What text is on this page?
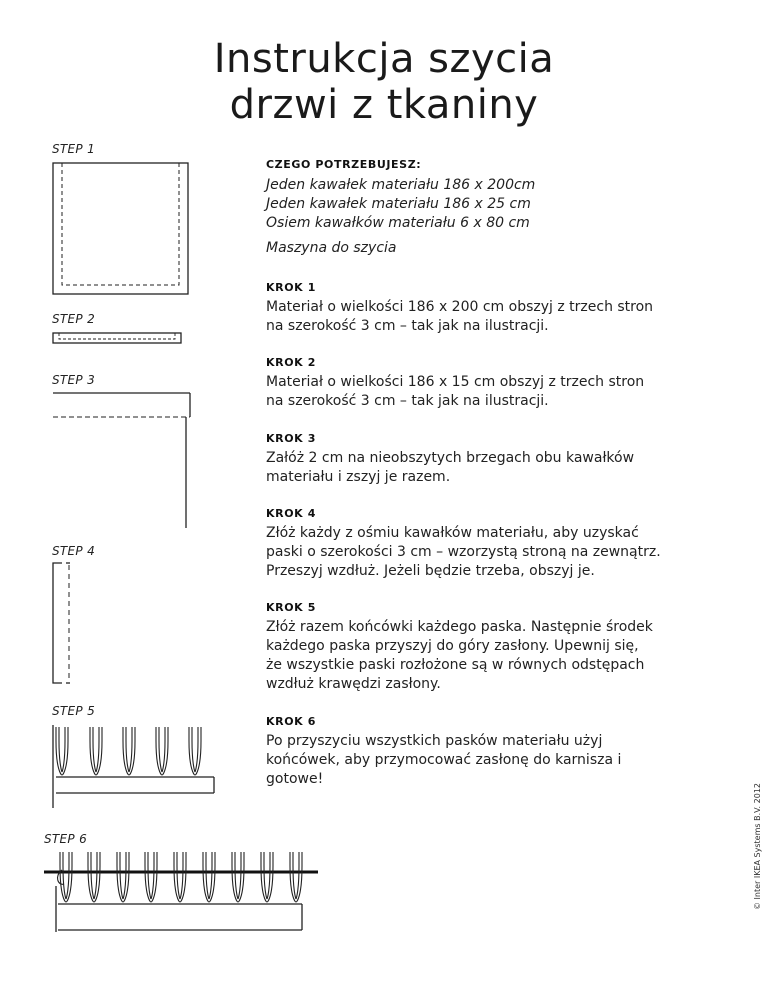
Instrukcja szycia
drzwi z tkaniny
STEP 1
STEP 2
STEP 3
STEP 4
STEP 5
STEP 6
CZEGO POTRZEBUJESZ:
Jeden kawałek materiału 186 x 200cm
Jeden kawałek materiału 186 x 25 cm
Osiem kawałków materiału 6 x 80 cm
Maszyna do szycia
KROK 1
Materiał o wielkości 186 x 200 cm obszyj z trzech stron
na szerokość 3 cm – tak jak na ilustracji.
KROK 2
Materiał o wielkości 186 x 15 cm obszyj z trzech stron
na szerokość 3 cm – tak jak na ilustracji.
KROK 3
Załóż 2 cm na nieobszytych brzegach obu kawałków
materiału i zszyj je razem.
KROK 4
Złóż każdy z ośmiu kawałków materiału, aby uzyskać
paski o szerokości 3 cm – wzorzystą stroną na zewnątrz.
Przeszyj wzdłuż. Jeżeli będzie trzeba, obszyj je.
KROK 5
Złóż razem końcówki każdego paska. Następnie środek
każdego paska przyszyj do góry zasłony. Upewnij się,
że wszystkie paski rozłożone są w równych odstępach
wzdłuż krawędzi zasłony.
KROK 6
Po przyszyciu wszystkich pasków materiału użyj
końcówek, aby przymocować zasłonę do karnisza i
gotowe!
© Inter IKEA Systems B.V. 2012
